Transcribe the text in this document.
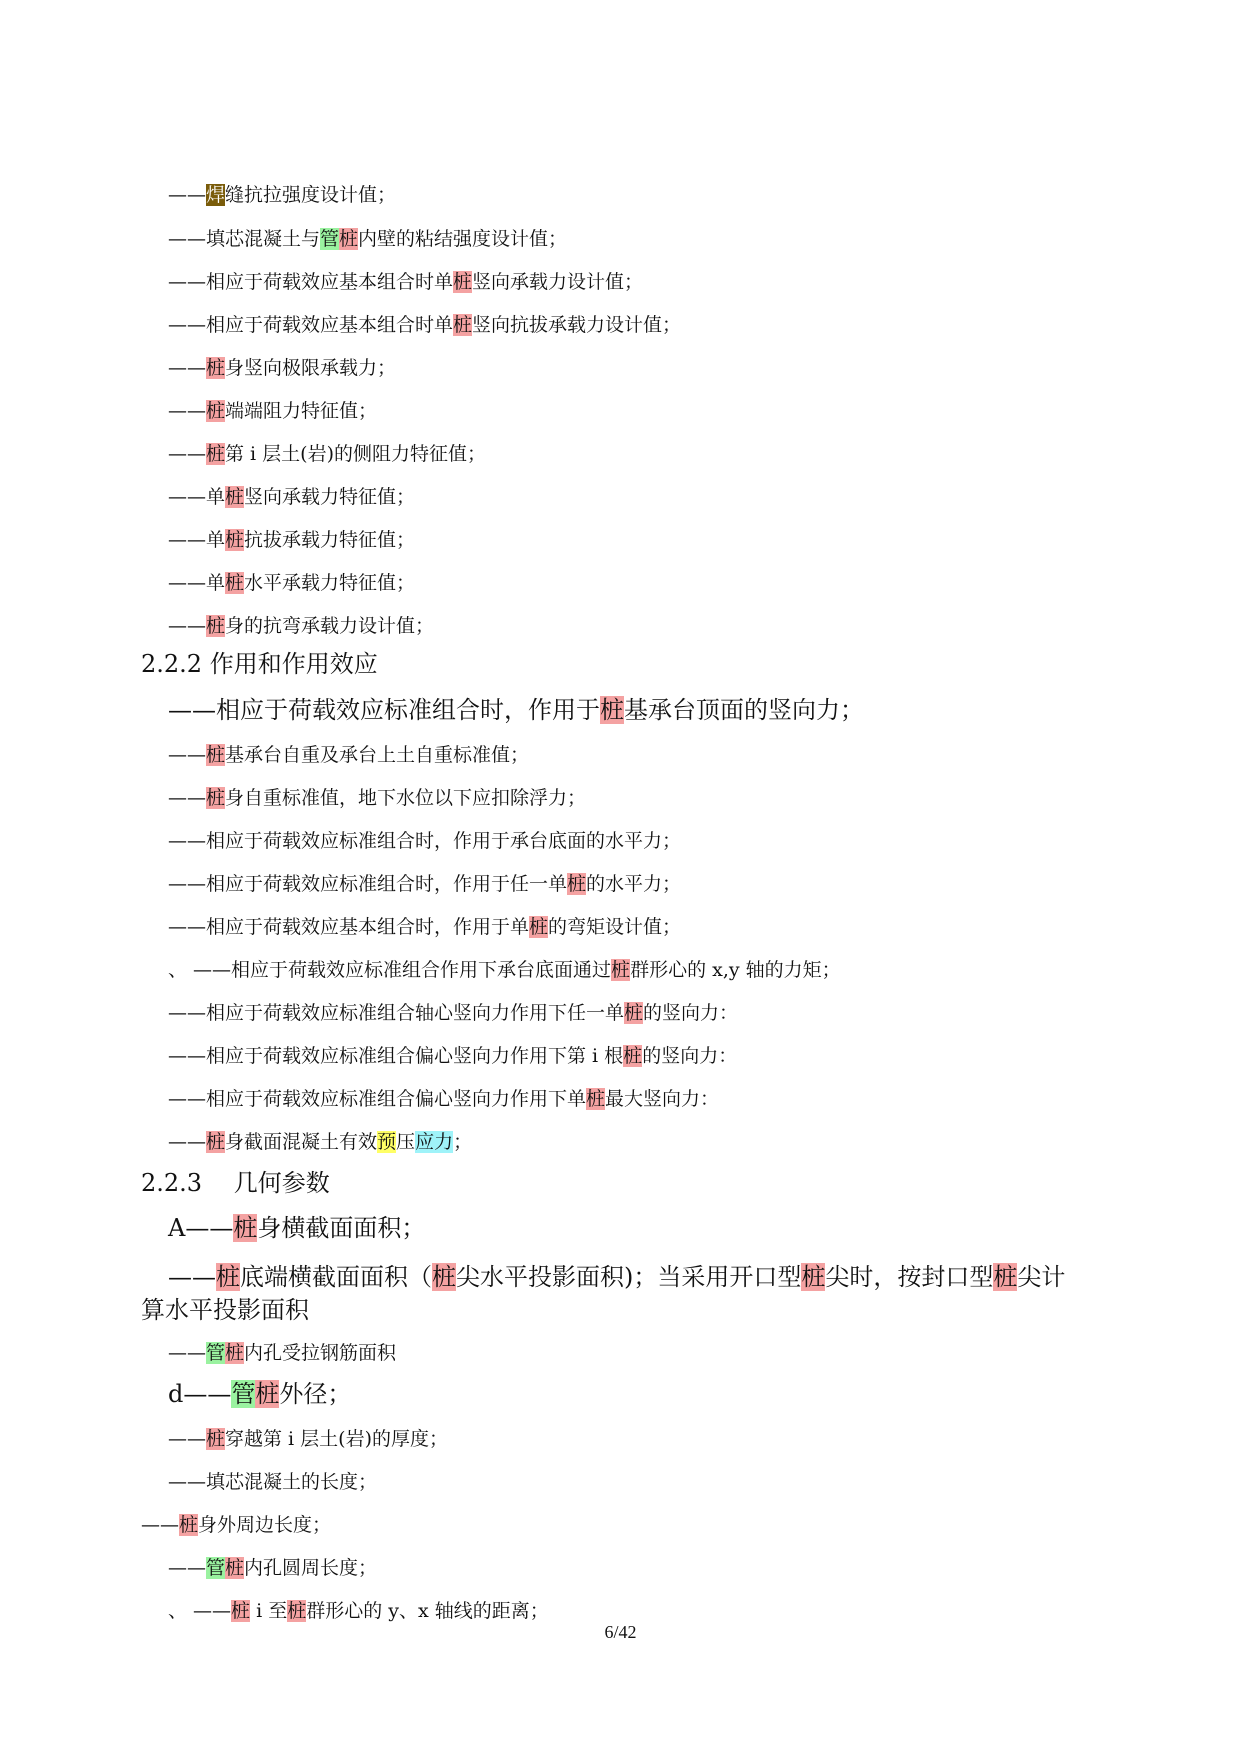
——焊缝抗拉强度设计值；
——填芯混凝土与管桩内壁的粘结强度设计值；
——相应于荷载效应基本组合时单桩竖向承载力设计值；
——相应于荷载效应基本组合时单桩竖向抗拔承载力设计值；
——桩身竖向极限承载力；
——桩端端阻力特征值；
——桩第 i 层土(岩)的侧阻力特征值；
——单桩竖向承载力特征值；
——单桩抗拔承载力特征值；
——单桩水平承载力特征值；
——桩身的抗弯承载力设计值；
2.2.2 作用和作用效应
——相应于荷载效应标准组合时，作用于桩基承台顶面的竖向力；
——桩基承台自重及承台上土自重标准值；
——桩身自重标准值，地下水位以下应扣除浮力；
——相应于荷载效应标准组合时，作用于承台底面的水平力；
——相应于荷载效应标准组合时，作用于任一单桩的水平力；
——相应于荷载效应基本组合时，作用于单桩的弯矩设计值；
、 ——相应于荷载效应标准组合作用下承台底面通过桩群形心的 x,y 轴的力矩；
——相应于荷载效应标准组合轴心竖向力作用下任一单桩的竖向力：
——相应于荷载效应标准组合偏心竖向力作用下第 i 根桩的竖向力：
——相应于荷载效应标准组合偏心竖向力作用下单桩最大竖向力：
——桩身截面混凝土有效预压应力；
2.2.3 　几何参数
A——桩身横截面面积；
——桩底端横截面面积（桩尖水平投影面积)；当采用开口型桩尖时，按封口型桩尖计
算水平投影面积
——管桩内孔受拉钢筋面积
d——管桩外径；
——桩穿越第 i 层土(岩)的厚度；
——填芯混凝土的长度；
——桩身外周边长度；
——管桩内孔圆周长度；
、 ——桩 i 至桩群形心的 y、x 轴线的距离；
6/42
